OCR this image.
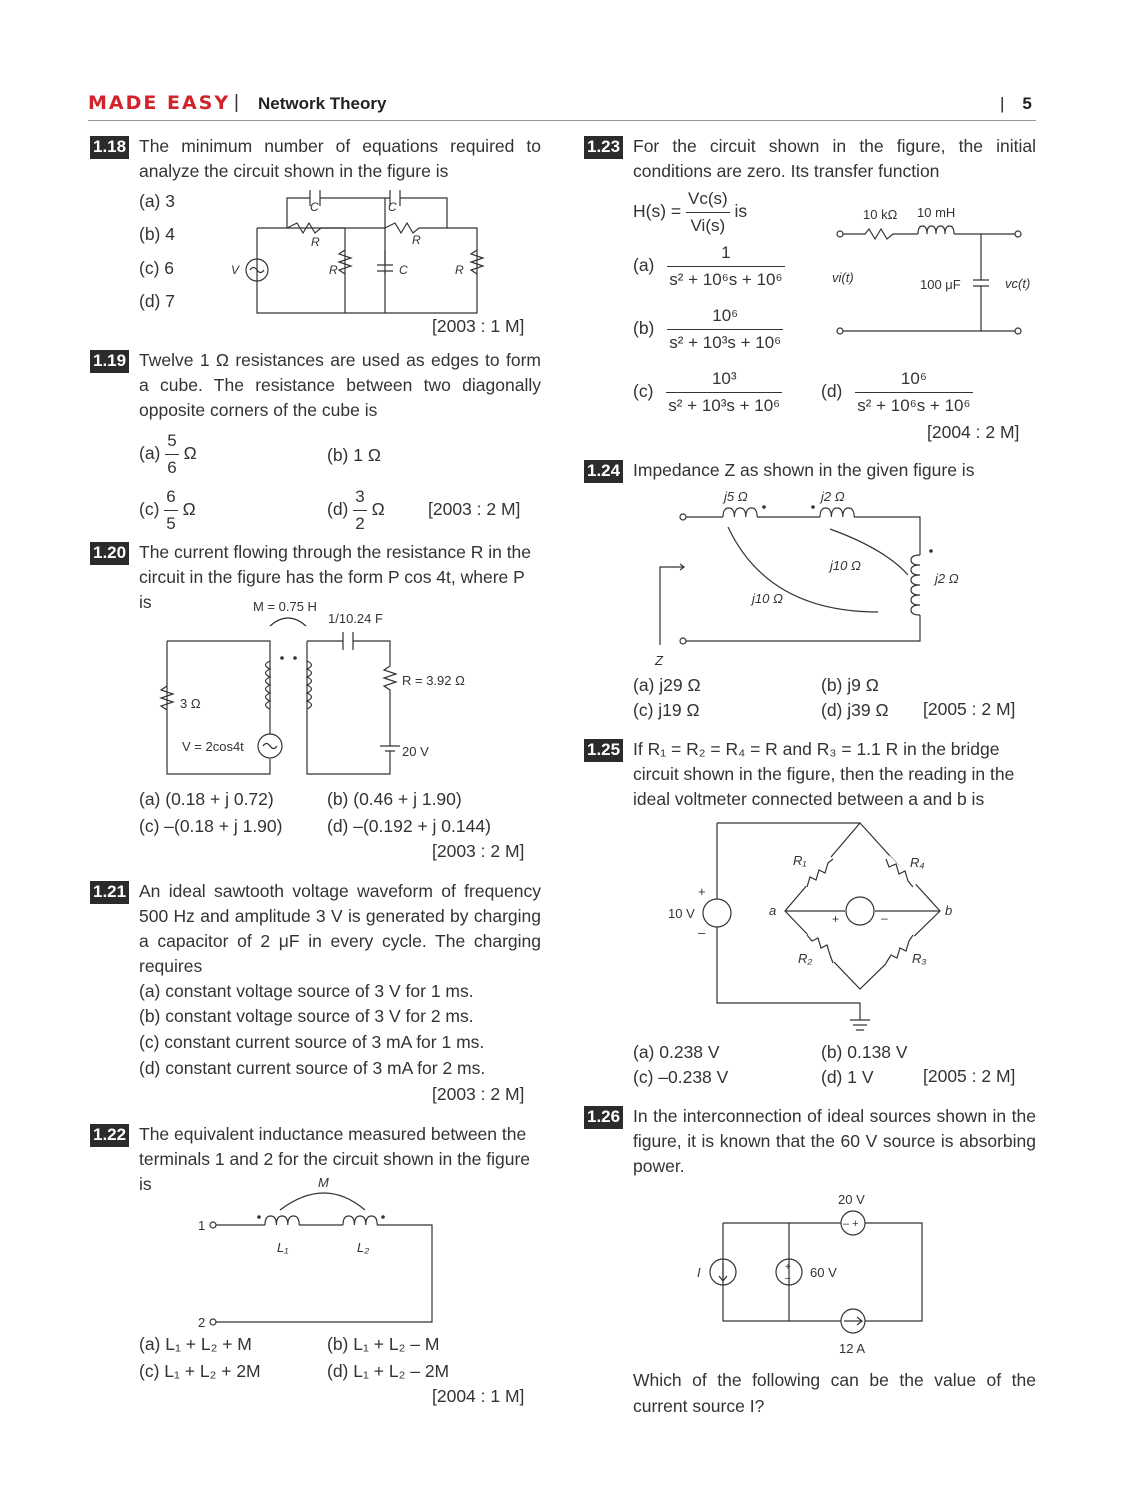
MADE EASY | Network Theory	| 5
1.18 The minimum number of equations required to analyze the circuit shown in the figure is
(a) 3
(b) 4
(c) 6
(d) 7
C	C
R	R
R	R
C
V
[2003 : 1 M]
1.19 Twelve 1 Ω resistances are used as edges to form a cube. The resistance between two diagonally opposite corners of the cube is
$(a) \frac{5}{6}$ Ω	(b) 1 Ω
$(c) \frac{6}{5}$ Ω	$(d) \frac{3}{2}$ Ω [2003 : 2 M]
1.20 The current flowing through the resistance R in the circuit in the figure has the form P cos 4t, where P is	M = 0.75 H
1/10.24 F
R = 3.92 Ω
3 Ω
V = 2cos4t	20 V
(a) (0.18 + j 0.72)	(b) (0.46 + j 1.90)
(c) –(0.18 + j 1.90)	(d) –(0.192 + j 0.144)
[2003 : 2 M]
1.21 An ideal sawtooth voltage waveform of frequency 500 Hz and amplitude 3 V is generated by charging a capacitor of 2 μF in every cycle. The charging requires
(a) constant voltage source of 3 V for 1 ms.
(b) constant voltage source of 3 V for 2 ms.
(c) constant current source of 3 mA for 1 ms.
(d) constant current source of 3 mA for 2 ms.
[2003 : 2 M]
1.22 The equivalent inductance measured between the terminals 1 and 2 for the circuit shown in the figure is	M
1
2
L₁	L₂
(a) L₁ + L₂ + M	(b) L₁ + L₂ – M
(c) L₁ + L₂ + 2M	(d) L₁ + L₂ – 2M
[2004 : 1 M]
1.23 For the circuit shown in the figure, the initial conditions are zero. Its transfer function
$H(s) = \frac{Vc(s)}{Vi(s)}$ is
$(a) \frac{1}{\text{s² + 10⁶s + 10⁶}}$
$(b) \frac{\text{10⁶}}{\text{s² + 10³s + 10⁶}}$
$(c) \frac{\text{10³}}{\text{s² + 10³s + 10⁶}} (d) \frac{\text{10⁶}}{\text{s² + 10⁶s + 10⁶}}$
10 kΩ 10 mH
100 μF
vi(t)	vc(t)
[2004 : 2 M]
1.24 Impedance Z as shown in the given figure is
j5 Ω	j2 Ω
j2 Ω
j10 Ω
j10 Ω
Z
(a) j29 Ω	(b) j9 Ω
(c) j19 Ω	(d) j39 Ω [2005 : 2 M]
1.25 If R₁ = R₂ = R₄ = R and R₃ = 1.1 R in the bridge circuit shown in the figure, then the reading in the ideal voltmeter connected between a and b is
10 V
+
–
R₁	R₄
R₂	R₃
a	b
+	–
(a) 0.238 V	(b) 0.138 V
(c) –0.238 V	(d) 1 V	[2005 : 2 M]
1.26 In the interconnection of ideal sources shown in the figure, it is known that the 60 V source is absorbing power.
20 V
– +
+
– 60 V
12 A
I
Which of the following can be the value of the current source I?
